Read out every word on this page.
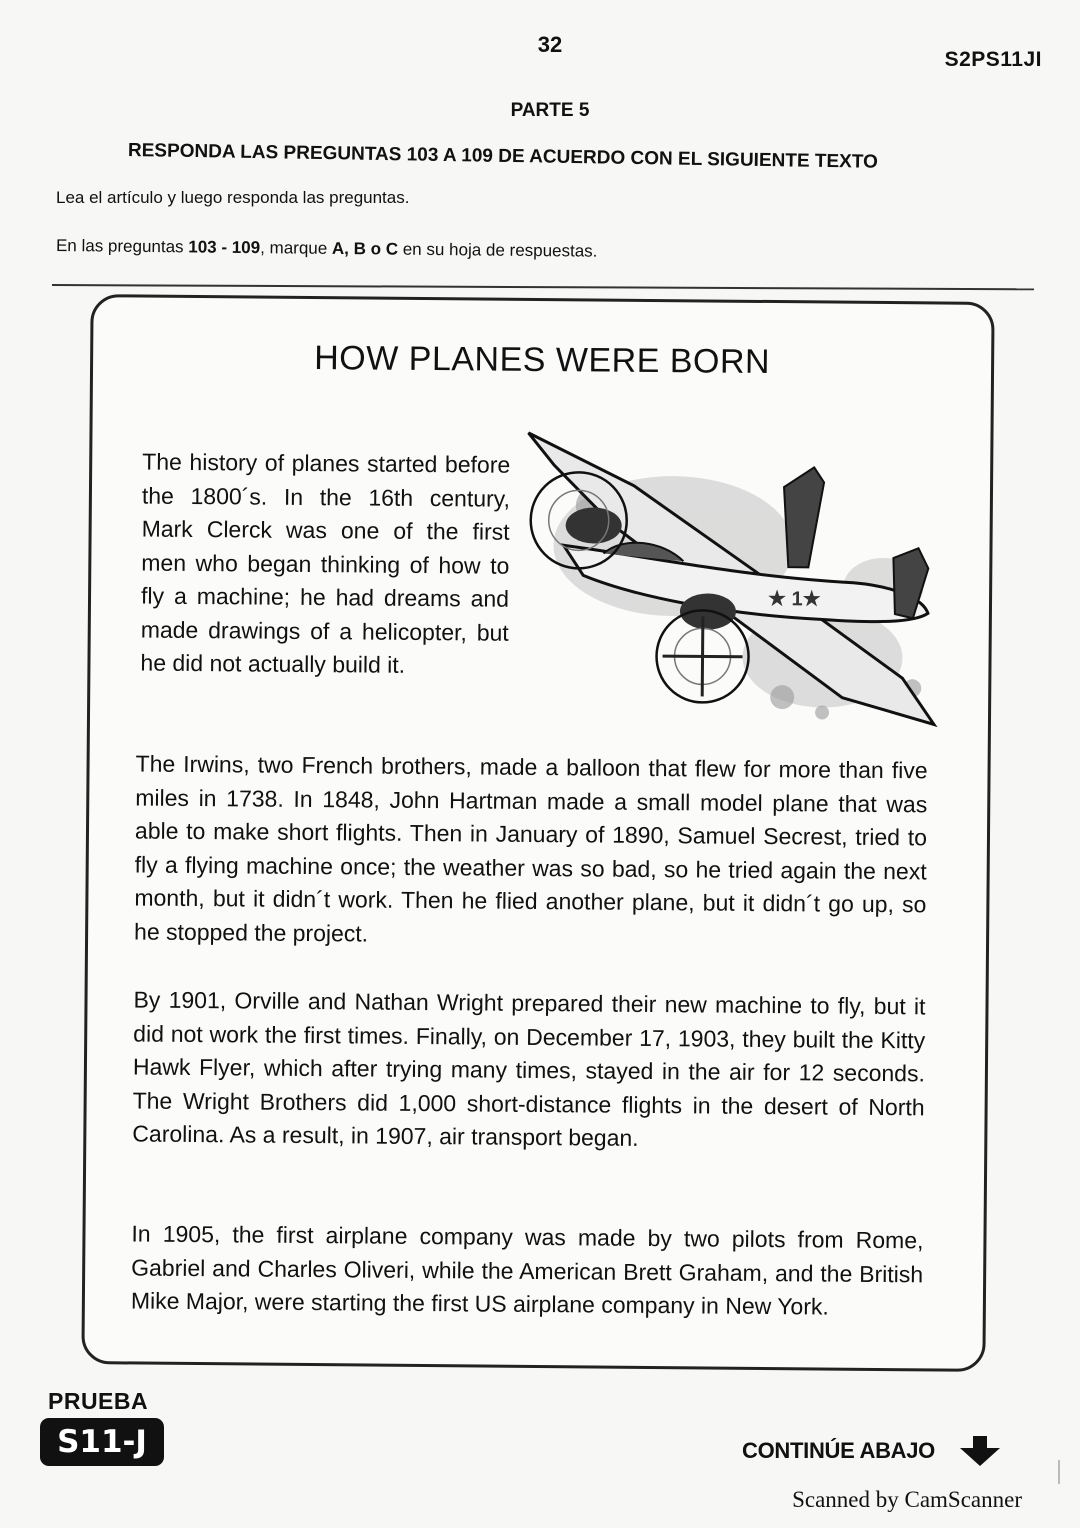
32
S2PS11JI
PARTE 5
RESPONDA LAS PREGUNTAS 103 A 109 DE ACUERDO CON EL SIGUIENTE TEXTO
Lea el artículo y luego responda las preguntas.
En las preguntas 103 - 109, marque A, B o C en su hoja de respuestas.
HOW PLANES WERE BORN
The history of planes started before the 1800´s. In the 16th century, Mark Clerck was one of the first men who began thinking of how to fly a machine; he had dreams and made drawings of a helicopter, but he did not actually build it.
★ 1★
The Irwins, two French brothers, made a balloon that flew for more than five miles in 1738. In 1848, John Hartman made a small model plane that was able to make short flights. Then in January of 1890, Samuel Secrest, tried to fly a flying machine once; the weather was so bad, so he tried again the next month, but it didn´t work. Then he flied another plane, but it didn´t go up, so he stopped the project.
By 1901, Orville and Nathan Wright prepared their new machine to fly, but it did not work the first times. Finally, on December 17, 1903, they built the Kitty Hawk Flyer, which after trying many times, stayed in the air for 12 seconds. The Wright Brothers did 1,000 short-distance flights in the desert of North Carolina. As a result, in 1907, air transport began.
In 1905, the first airplane company was made by two pilots from Rome, Gabriel and Charles Oliveri, while the American Brett Graham, and the British Mike Major, were starting the first US airplane company in New York.
PRUEBA
S11-J	CONTINÚE ABAJO
Scanned by CamScanner
